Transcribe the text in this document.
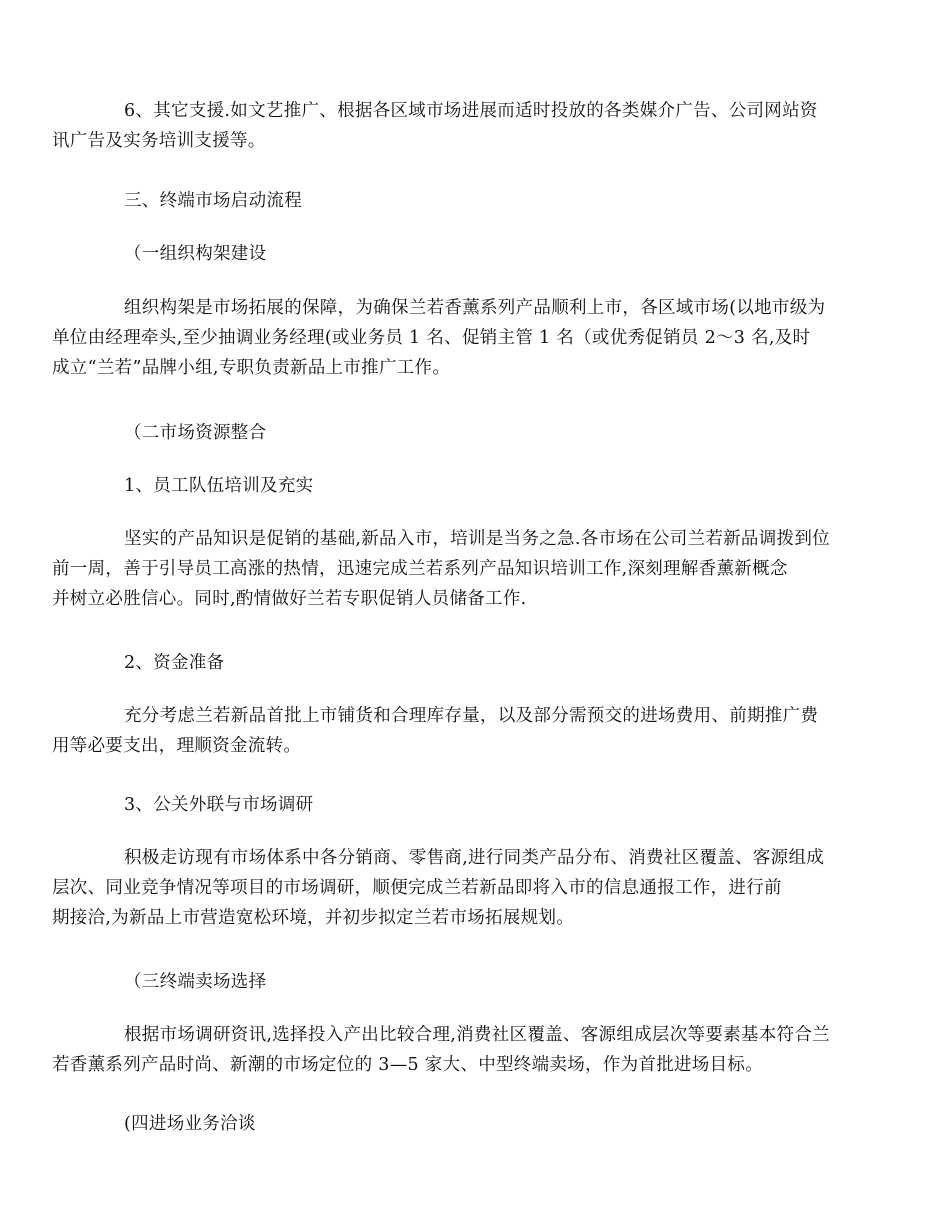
6、其它支援.如文艺推广、根据各区域市场进展而适时投放的各类媒介广告、公司网站资
讯广告及实务培训支援等。

三、终端市场启动流程

（一组织构架建设

组织构架是市场拓展的保障，为确保兰若香薰系列产品顺利上市，各区域市场(以地市级为
单位由经理牵头,至少抽调业务经理(或业务员 1 名、促销主管 1 名（或优秀促销员 2～3 名,及时
成立“兰若”品牌小组,专职负责新品上市推广工作。

（二市场资源整合

1、员工队伍培训及充实

坚实的产品知识是促销的基础,新品入市，培训是当务之急.各市场在公司兰若新品调拨到位
前一周，善于引导员工高涨的热情，迅速完成兰若系列产品知识培训工作,深刻理解香薰新概念
并树立必胜信心。同时,酌情做好兰若专职促销人员储备工作.

2、资金准备

充分考虑兰若新品首批上市铺货和合理库存量，以及部分需预交的进场费用、前期推广费
用等必要支出，理顺资金流转。

3、公关外联与市场调研

积极走访现有市场体系中各分销商、零售商,进行同类产品分布、消费社区覆盖、客源组成
层次、同业竞争情况等项目的市场调研，顺便完成兰若新品即将入市的信息通报工作，进行前
期接洽,为新品上市营造宽松环境，并初步拟定兰若市场拓展规划。

（三终端卖场选择

根据市场调研资讯,选择投入产出比较合理,消费社区覆盖、客源组成层次等要素基本符合兰
若香薰系列产品时尚、新潮的市场定位的 3—5 家大、中型终端卖场，作为首批进场目标。

(四进场业务洽谈
